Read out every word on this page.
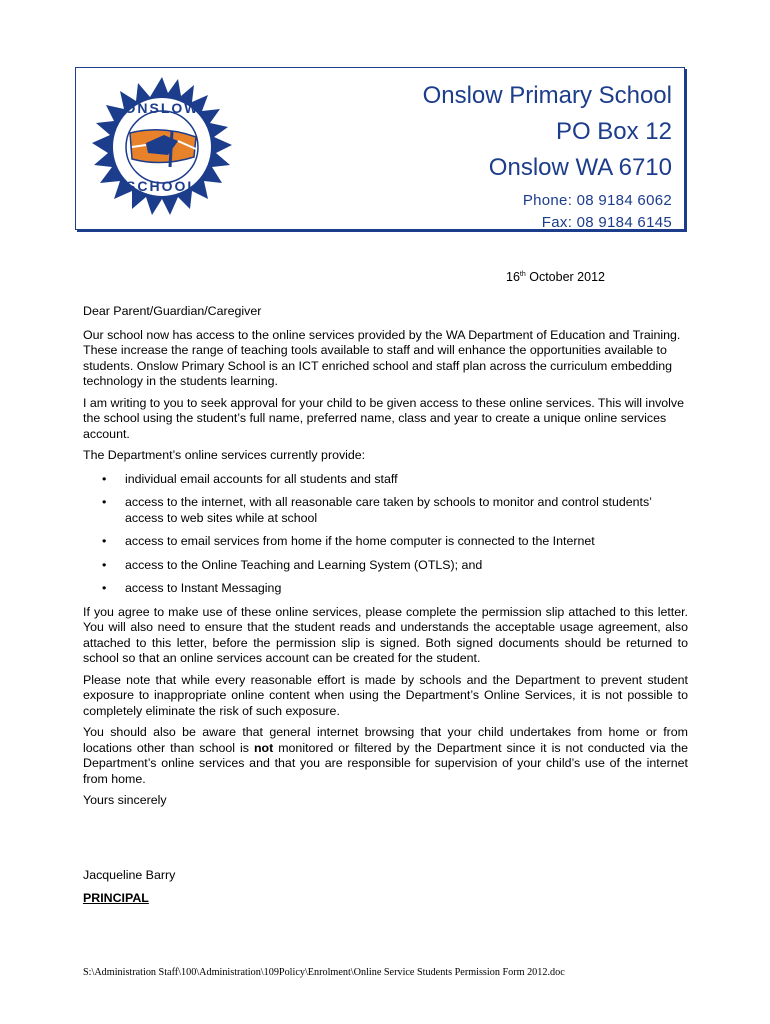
ONSLOW
SCHOOL
Onslow Primary School
PO Box 12
Onslow WA 6710
Phone: 08 9184 6062
Fax: 08 9184 6145
16th October 2012

Dear Parent/Guardian/Caregiver

Our school now has access to the online services provided by the WA Department of Education and Training. These increase the range of teaching tools available to staff and will enhance the opportunities available to students. Onslow Primary School is an ICT enriched school and staff plan across the curriculum embedding technology in the students learning.

I am writing to you to seek approval for your child to be given access to these online services. This will involve the school using the student’s full name, preferred name, class and year to create a unique online services account.

The Department’s online services currently provide:

• individual email accounts for all students and staff
• access to the internet, with all reasonable care taken by schools to monitor and control students’ access to web sites while at school
• access to email services from home if the home computer is connected to the Internet
• access to the Online Teaching and Learning System (OTLS); and
• access to Instant Messaging

If you agree to make use of these online services, please complete the permission slip attached to this letter. You will also need to ensure that the student reads and understands the acceptable usage agreement, also attached to this letter, before the permission slip is signed. Both signed documents should be returned to school so that an online services account can be created for the student.

Please note that while every reasonable effort is made by schools and the Department to prevent student exposure to inappropriate online content when using the Department’s Online Services, it is not possible to completely eliminate the risk of such exposure.

You should also be aware that general internet browsing that your child undertakes from home or from locations other than school is not monitored or filtered by the Department since it is not conducted via the Department’s online services and that you are responsible for supervision of your child’s use of the internet from home.

Yours sincerely

Jacqueline Barry
PRINCIPAL
S:\Administration Staff\100\Administration\109Policy\Enrolment\Online Service Students Permission Form 2012.doc
